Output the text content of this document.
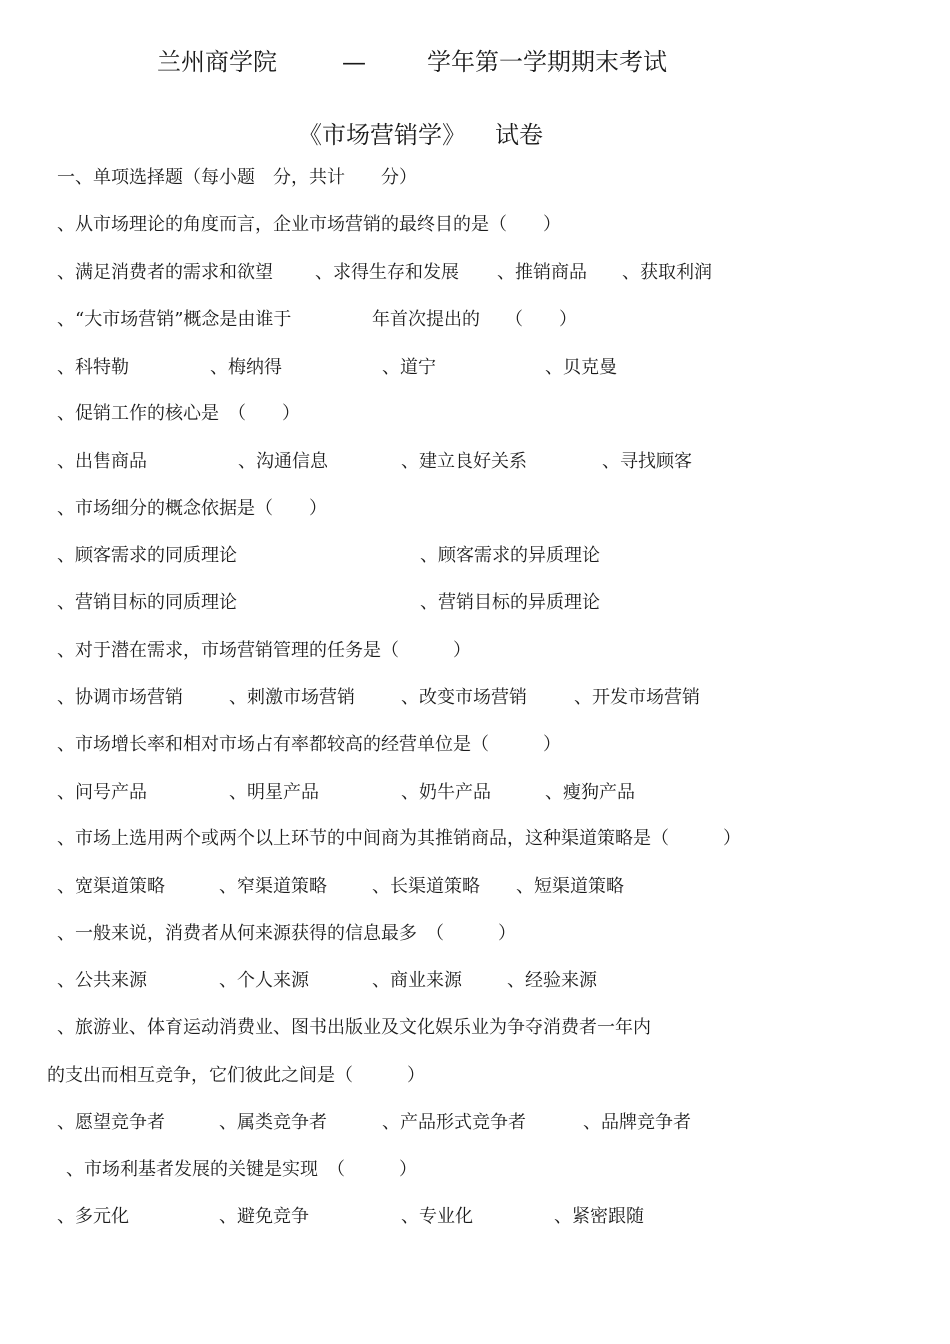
兰州商学院	—	学年第一学期期末考试
《市场营销学》 试卷
一、单项选择题（每小题　分，共计　　分）
、从市场理论的角度而言，企业市场营销的最终目的是（　　）
、满足消费者的需求和欲望 、求得生存和发展 、推销商品 、获取利润
、“大市场营销”概念是由谁于	年首次提出的 （　　）
、科特勒	、梅纳得	、道宁	、贝克曼
、促销工作的核心是　（　　）
、出售商品	、沟通信息	、建立良好关系	、寻找顾客
、市场细分的概念依据是（　　）
、顾客需求的同质理论	、顾客需求的异质理论
、营销目标的同质理论	、营销目标的异质理论
、对于潜在需求，市场营销管理的任务是（　　　）
、协调市场营销	、刺激市场营销	、改变市场营销	、开发市场营销
、市场增长率和相对市场占有率都较高的经营单位是（　　　）
、问号产品	、明星产品	、奶牛产品	、瘦狗产品
、市场上选用两个或两个以上环节的中间商为其推销商品，这种渠道策略是（　　　）
、宽渠道策略	、窄渠道策略	、长渠道策略 、短渠道策略
、一般来说，消费者从何来源获得的信息最多　（　　　）
、公共来源	、个人来源	、商业来源	、经验来源
、旅游业、体育运动消费业、图书出版业及文化娱乐业为争夺消费者一年内
的支出而相互竞争，它们彼此之间是（　　　）
、愿望竞争者	、属类竞争者	、产品形式竞争者	、品牌竞争者
、市场利基者发展的关键是实现　（　　　）
、多元化	、避免竞争	、专业化	、紧密跟随
